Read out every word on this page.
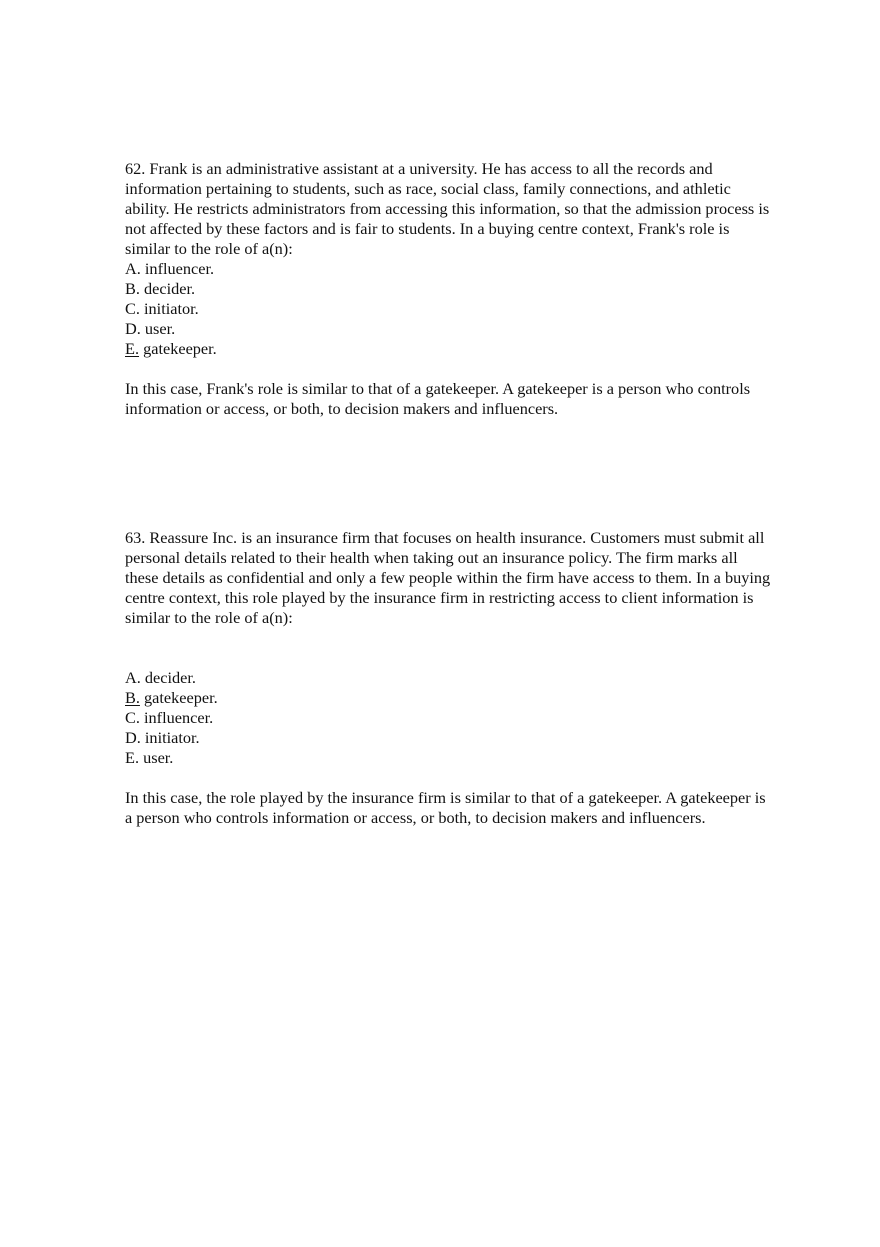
62. Frank is an administrative assistant at a university. He has access to all the records and information pertaining to students, such as race, social class, family connections, and athletic ability. He restricts administrators from accessing this information, so that the admission process is not affected by these factors and is fair to students. In a buying centre context, Frank's role is similar to the role of a(n):

A. influencer.
B. decider.
C. initiator.
D. user.
E. gatekeeper.

In this case, Frank's role is similar to that of a gatekeeper. A gatekeeper is a person who controls information or access, or both, to decision makers and influencers.

63. Reassure Inc. is an insurance firm that focuses on health insurance. Customers must submit all personal details related to their health when taking out an insurance policy. The firm marks all these details as confidential and only a few people within the firm have access to them. In a buying centre context, this role played by the insurance firm in restricting access to client information is similar to the role of a(n):

A. decider.
B. gatekeeper.
C. influencer.
D. initiator.
E. user.

In this case, the role played by the insurance firm is similar to that of a gatekeeper. A gatekeeper is a person who controls information or access, or both, to decision makers and influencers.
